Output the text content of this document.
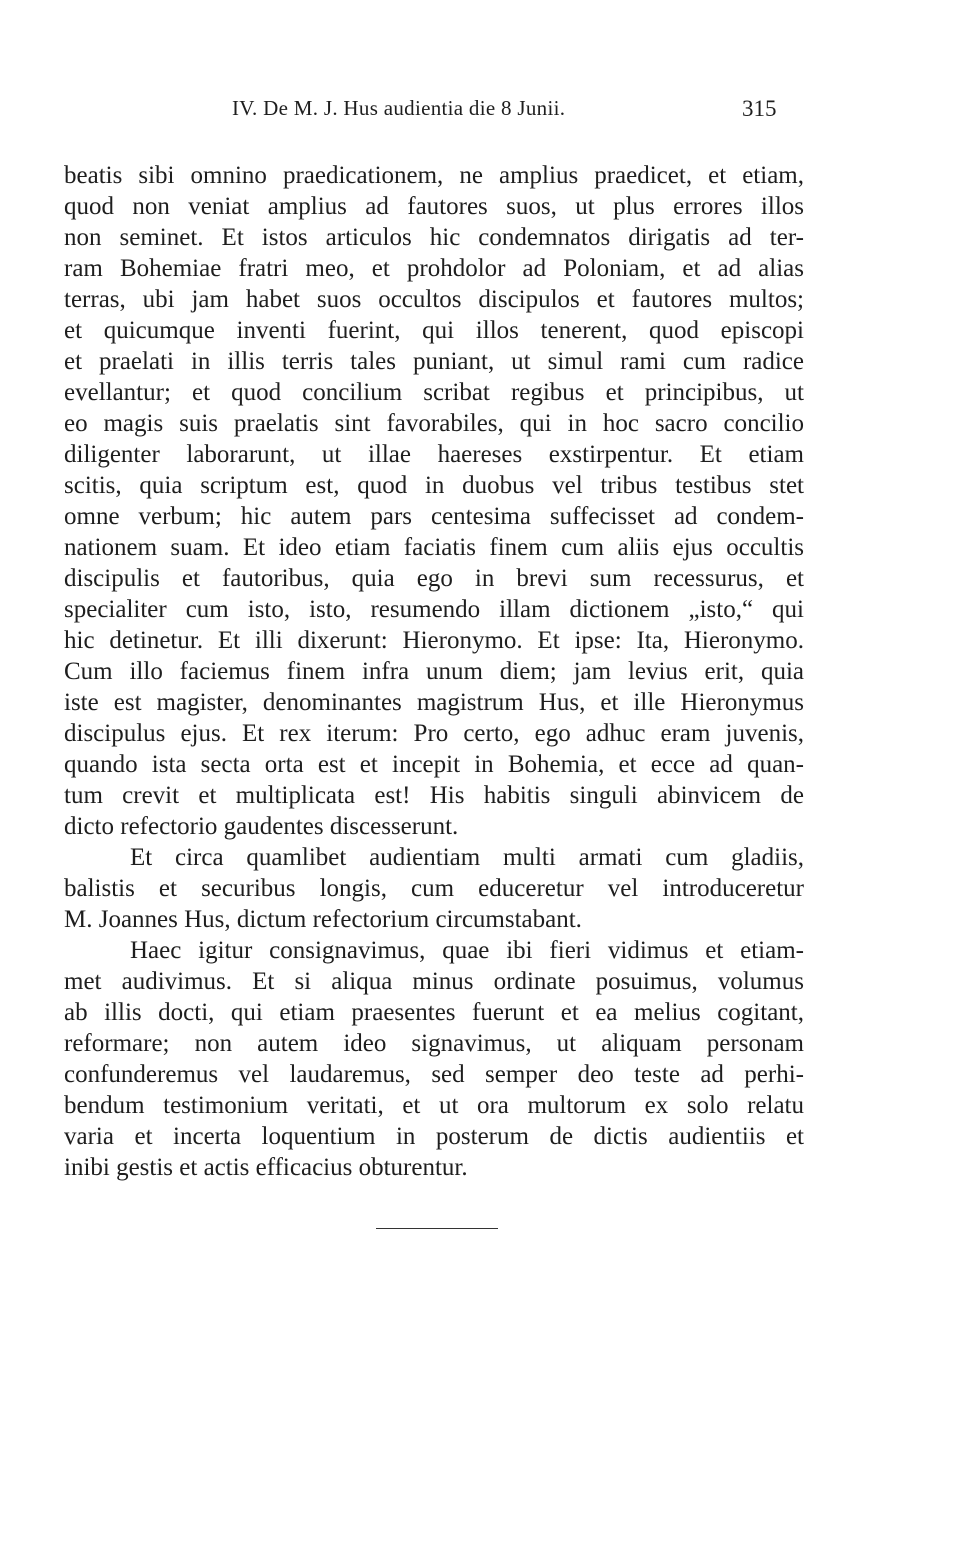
IV. De M. J. Hus audientia die 8 Junii.	315
beatis sibi omnino praedicationem, ne amplius praedicet, et etiam,
quod non veniat amplius ad fautores suos, ut plus errores illos
non seminet. Et istos articulos hic condemnatos dirigatis ad ter-
ram Bohemiae fratri meo, et prohdolor ad Poloniam, et ad alias
terras, ubi jam habet suos occultos discipulos et fautores multos;
et quicumque inventi fuerint, qui illos tenerent, quod episcopi
et praelati in illis terris tales puniant, ut simul rami cum radice
evellantur; et quod concilium scribat regibus et principibus, ut
eo magis suis praelatis sint favorabiles, qui in hoc sacro concilio
diligenter laborarunt, ut illae haereses exstirpentur. Et etiam
scitis, quia scriptum est, quod in duobus vel tribus testibus stet
omne verbum; hic autem pars centesima suffecisset ad condem-
nationem suam. Et ideo etiam faciatis finem cum aliis ejus occultis
discipulis et fautoribus, quia ego in brevi sum recessurus, et
specialiter cum isto, isto, resumendo illam dictionem „isto,“ qui
hic detinetur. Et illi dixerunt: Hieronymo. Et ipse: Ita, Hieronymo.
Cum illo faciemus finem infra unum diem; jam levius erit, quia
iste est magister, denominantes magistrum Hus, et ille Hieronymus
discipulus ejus. Et rex iterum: Pro certo, ego adhuc eram juvenis,
quando ista secta orta est et incepit in Bohemia, et ecce ad quan-
tum crevit et multiplicata est! His habitis singuli abinvicem de
dicto refectorio gaudentes discesserunt.
Et circa quamlibet audientiam multi armati cum gladiis,
balistis et securibus longis, cum educeretur vel introduceretur
M. Joannes Hus, dictum refectorium circumstabant.
Haec igitur consignavimus, quae ibi fieri vidimus et etiam-
met audivimus. Et si aliqua minus ordinate posuimus, volumus
ab illis docti, qui etiam praesentes fuerunt et ea melius cogitant,
reformare; non autem ideo signavimus, ut aliquam personam
confunderemus vel laudaremus, sed semper deo teste ad perhi-
bendum testimonium veritati, et ut ora multorum ex solo relatu
varia et incerta loquentium in posterum de dictis audientiis et
inibi gestis et actis efficacius obturentur.
